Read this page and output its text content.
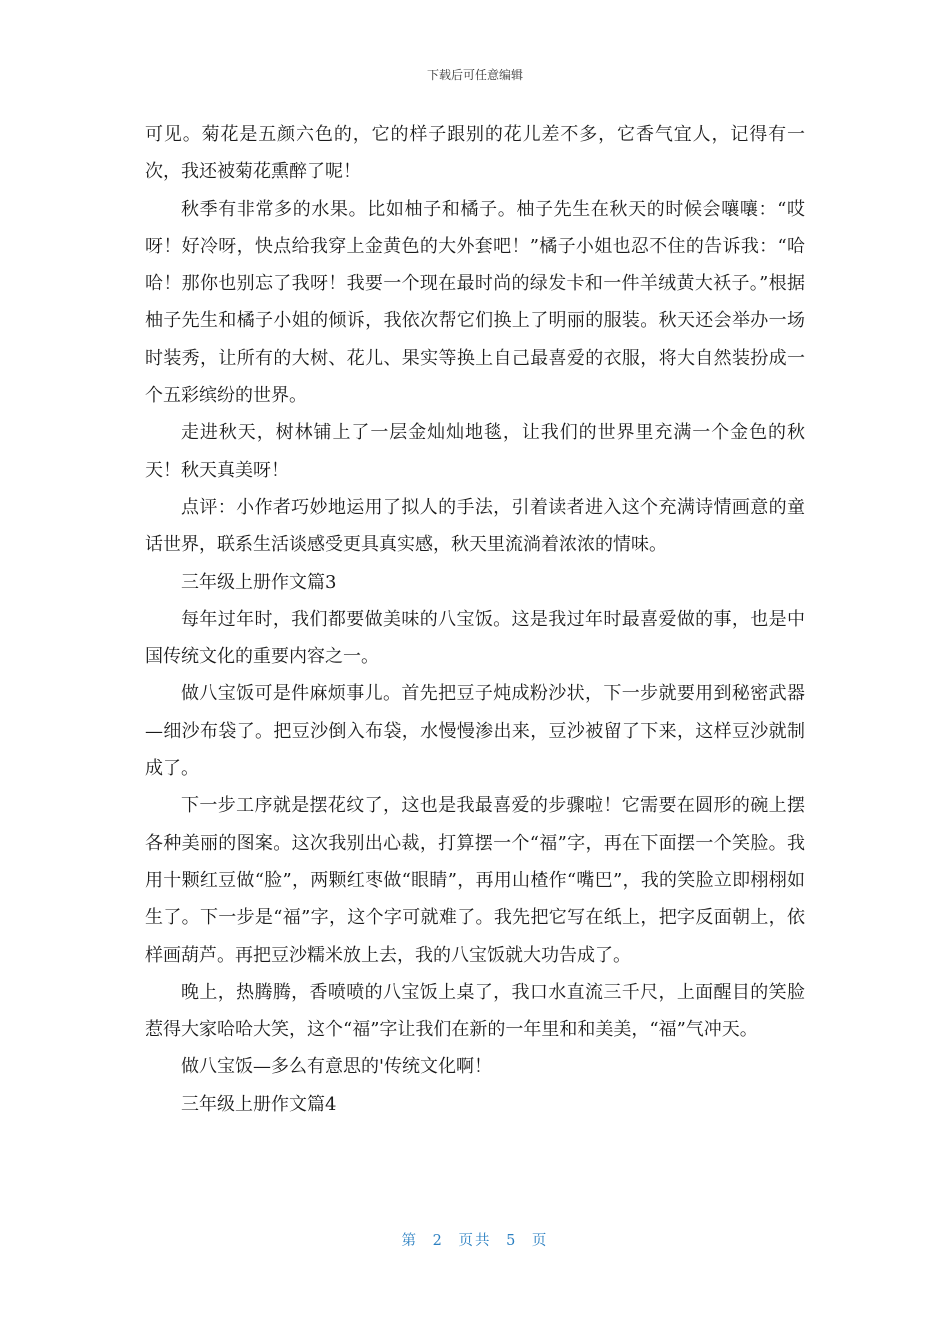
下载后可任意编辑

可见。菊花是五颜六色的，它的样子跟别的花儿差不多，它香气宜人，记得有一次，我还被菊花熏醉了呢！

秋季有非常多的水果。比如柚子和橘子。柚子先生在秋天的时候会嚷嚷：“哎呀！好冷呀，快点给我穿上金黄色的大外套吧！”橘子小姐也忍不住的告诉我：“哈哈！那你也别忘了我呀！我要一个现在最时尚的绿发卡和一件羊绒黄大袄子。”根据柚子先生和橘子小姐的倾诉，我依次帮它们换上了明丽的服装。秋天还会举办一场时装秀，让所有的大树、花儿、果实等换上自己最喜爱的衣服，将大自然装扮成一个五彩缤纷的世界。

走进秋天，树林铺上了一层金灿灿地毯，让我们的世界里充满一个金色的秋天！秋天真美呀！

点评：小作者巧妙地运用了拟人的手法，引着读者进入这个充满诗情画意的童话世界，联系生活谈感受更具真实感，秋天里流淌着浓浓的情味。

三年级上册作文篇3

每年过年时，我们都要做美味的八宝饭。这是我过年时最喜爱做的事，也是中国传统文化的重要内容之一。

做八宝饭可是件麻烦事儿。首先把豆子炖成粉沙状，下一步就要用到秘密武器—细沙布袋了。把豆沙倒入布袋，水慢慢渗出来，豆沙被留了下来，这样豆沙就制成了。

下一步工序就是摆花纹了，这也是我最喜爱的步骤啦！它需要在圆形的碗上摆各种美丽的图案。这次我别出心裁，打算摆一个“福”字，再在下面摆一个笑脸。我用十颗红豆做“脸”，两颗红枣做“眼睛”，再用山楂作“嘴巴”，我的笑脸立即栩栩如生了。下一步是“福”字，这个字可就难了。我先把它写在纸上，把字反面朝上，依样画葫芦。再把豆沙糯米放上去，我的八宝饭就大功告成了。

晚上，热腾腾，香喷喷的八宝饭上桌了，我口水直流三千尺，上面醒目的笑脸惹得大家哈哈大笑，这个“福”字让我们在新的一年里和和美美，“福”气冲天。

做八宝饭—多么有意思的'传统文化啊！

三年级上册作文篇4

第 2 页共 5 页
